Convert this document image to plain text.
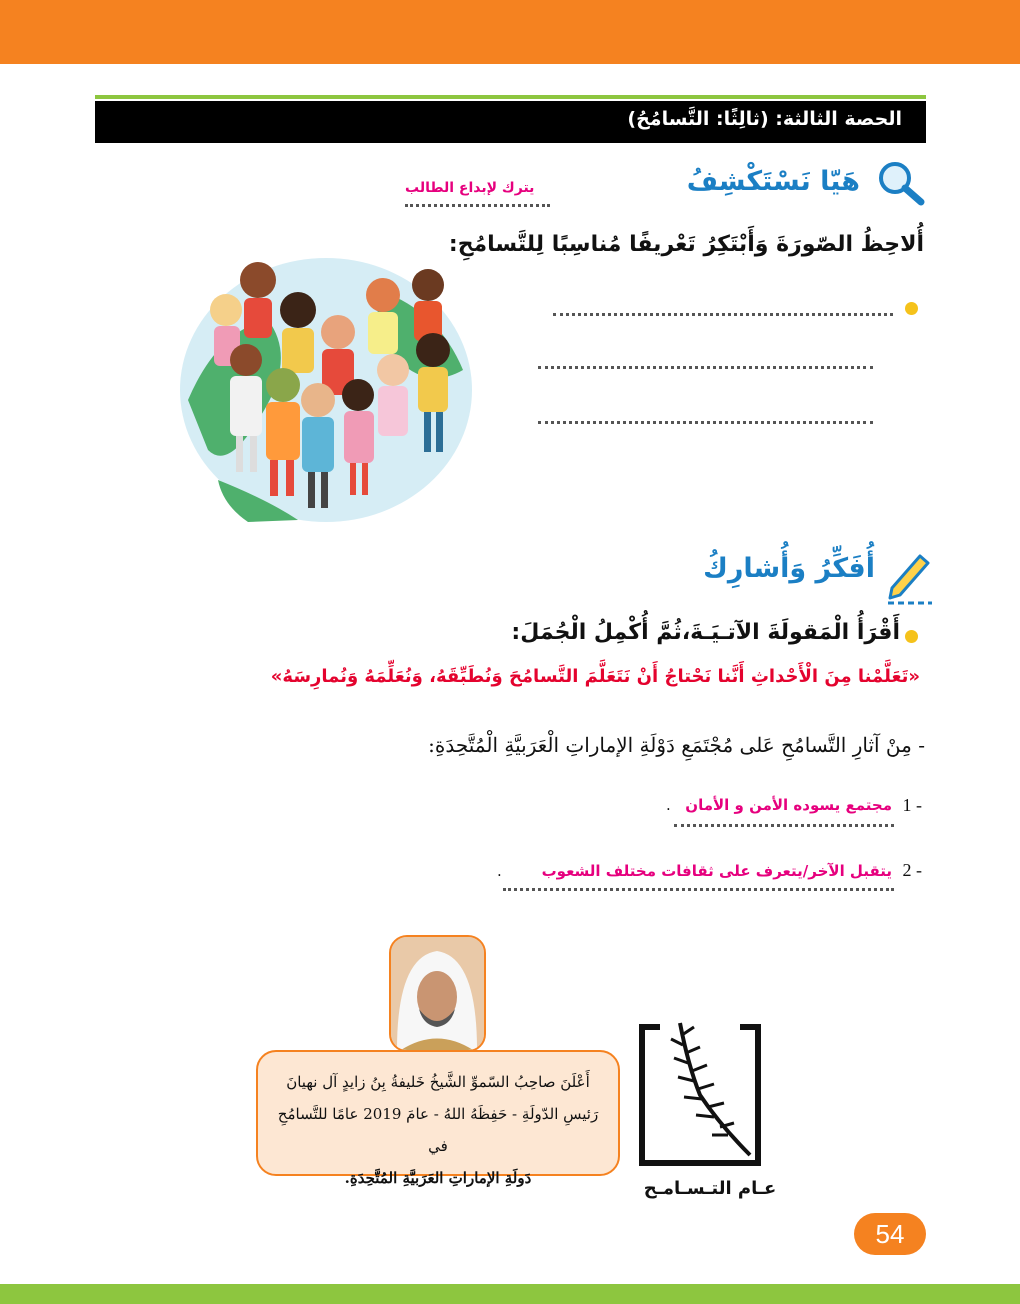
الحصة الثالثة: (ثالِثًا: التَّسامُحُ)
هَيّا نَسْتَكْشِفُ
يترك لإبداع الطالب
أُلاحِظُ الصّورَةَ وَأَبْتَكِرُ تَعْريفًا مُناسِبًا لِلتَّسامُحِ:
أُفَكِّرُ وَأُشارِكُ
أَقْرَأُ الْمَقولَةَ الآتـيَـةَ،ثُمَّ أُكْمِلُ الْجُمَلَ:
«تَعَلَّمْنا مِنَ الْأَحْداثِ أَنَّنا نَحْتاجُ أَنْ نَتَعَلَّمَ التَّسامُحَ وَنُطَبِّقَهُ، وَنُعَلِّمَهُ وَنُمارِسَهُ»
- مِنْ آثارِ التَّسامُحِ عَلى مُجْتَمَعِ دَوْلَةِ الإماراتِ الْعَرَبيَّةِ الْمُتَّحِدَةِ:
1 -
مجتمع يسوده الأمن و الأمان
.
2 -
يتقبل الآخر/يتعرف على ثقافات مختلف الشعوب
.
أَعْلَنَ صاحِبُ السّموِّ الشَّيخُ خَليفةُ بِنُ زايدٍ آل نهيانَ
رَئيسِ الدّولَةِ - حَفِظَهُ اللهُ - عامَ 2019 عامًا للتَّسامُحِ في
دَولَةِ الإماراتِ العَرَبيَّةِ المُتَّحِدَةِ.	عـام التـسـامـح
54
